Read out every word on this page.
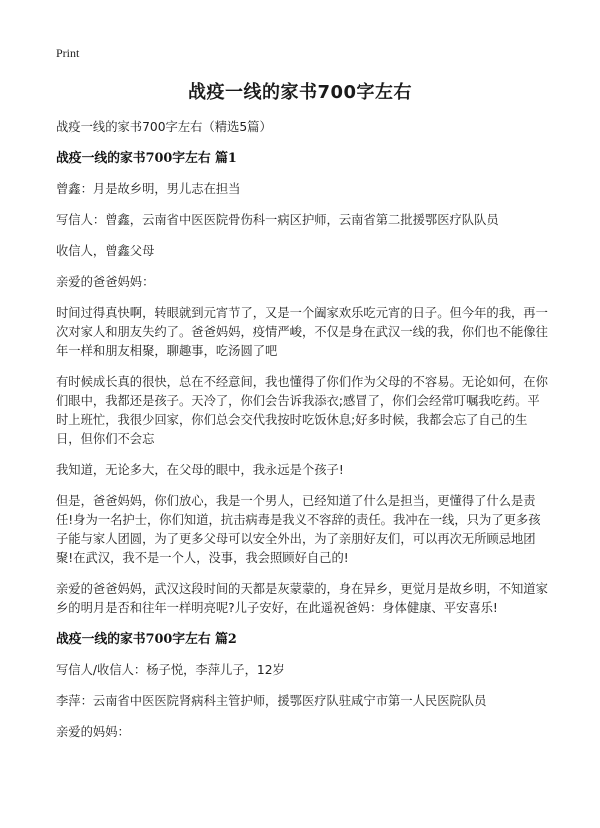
Print
战疫一线的家书700字左右

战疫一线的家书700字左右（精选5篇）

战疫一线的家书700字左右 篇1

曾鑫：月是故乡明，男儿志在担当

写信人：曾鑫，云南省中医医院骨伤科一病区护师，云南省第二批援鄂医疗队队员

收信人，曾鑫父母

亲爱的爸爸妈妈：

时间过得真快啊，转眼就到元宵节了，又是一个阖家欢乐吃元宵的日子。但今年的我，再一次对家人和朋友失约了。爸爸妈妈，疫情严峻，不仅是身在武汉一线的我，你们也不能像往年一样和朋友相聚，聊趣事，吃汤圆了吧

有时候成长真的很快，总在不经意间，我也懂得了你们作为父母的不容易。无论如何，在你们眼中，我都还是孩子。天冷了，你们会告诉我添衣;感冒了，你们会经常叮嘱我吃药。平时上班忙，我很少回家，你们总会交代我按时吃饭休息;好多时候，我都会忘了自己的生日，但你们不会忘

我知道，无论多大，在父母的眼中，我永远是个孩子!

但是，爸爸妈妈，你们放心，我是一个男人，已经知道了什么是担当，更懂得了什么是责任!身为一名护士，你们知道，抗击病毒是我义不容辞的责任。我冲在一线，只为了更多孩子能与家人团圆，为了更多父母可以安全外出，为了亲朋好友们，可以再次无所顾忌地团聚!在武汉，我不是一个人，没事，我会照顾好自己的!

亲爱的爸爸妈妈，武汉这段时间的天都是灰蒙蒙的，身在异乡，更觉月是故乡明，不知道家乡的明月是否和往年一样明亮呢?儿子安好，在此遥祝爸妈：身体健康、平安喜乐!

战疫一线的家书700字左右 篇2

写信人/收信人：杨子悦，李萍儿子，12岁

李萍：云南省中医医院肾病科主管护师，援鄂医疗队驻咸宁市第一人民医院队员

亲爱的妈妈：
